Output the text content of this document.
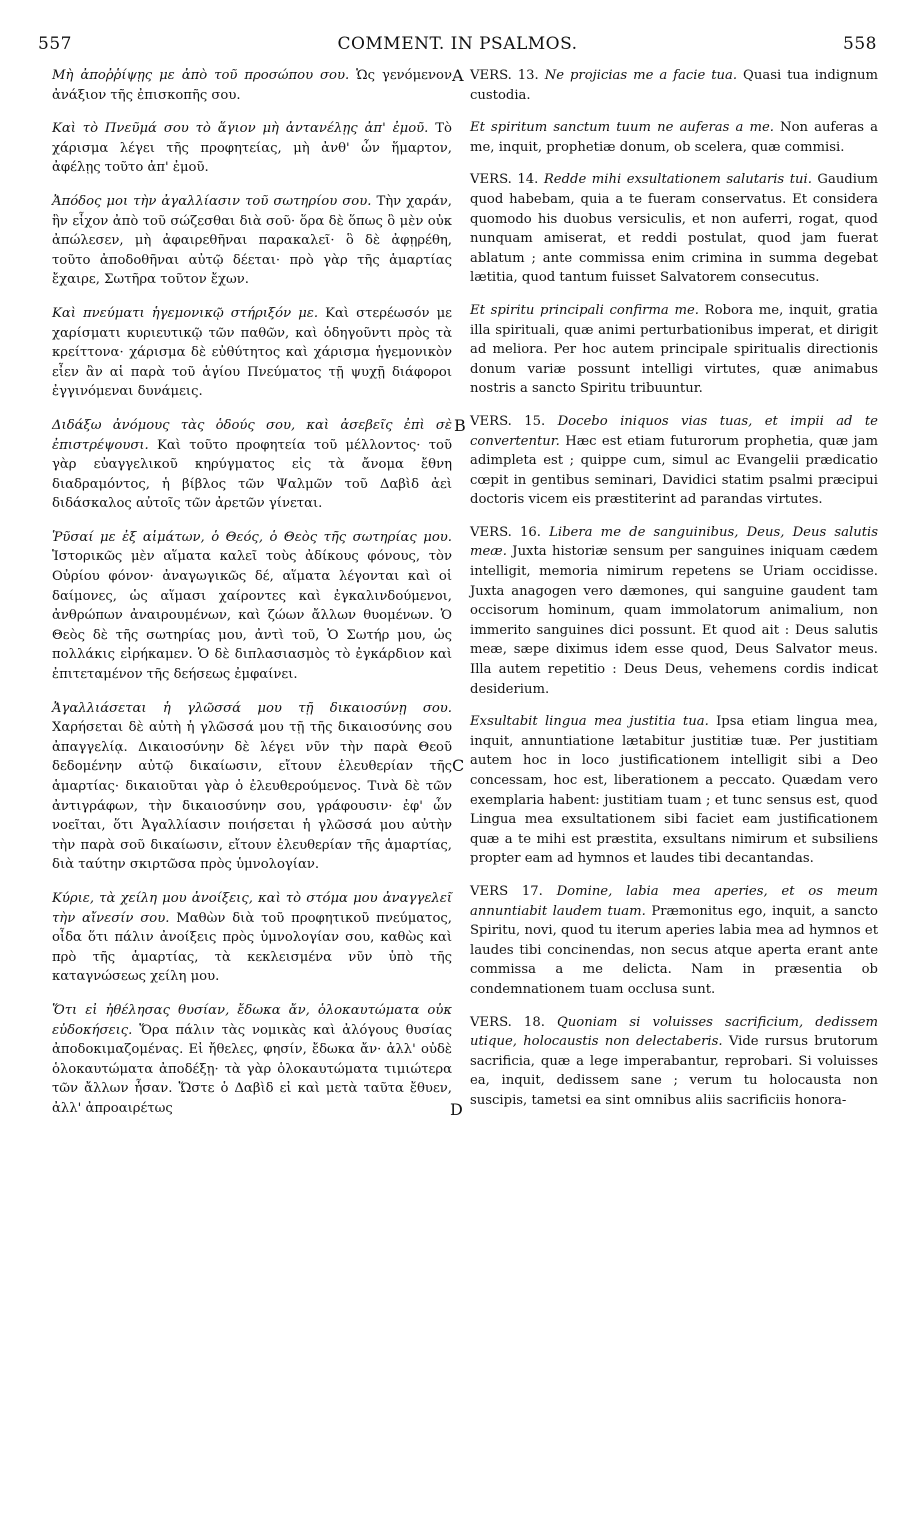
557	COMMENT. IN PSALMOS.	558
A
B
C
D

Μὴ ἀποῤῥίψῃς με ἀπὸ τοῦ προσώπου σου. Ὡς γενόμενον ἀνάξιον τῆς ἐπισκοπῆς σου.

Καὶ τὸ Πνεῦμά σου τὸ ἅγιον μὴ ἀντανέλῃς ἀπ' ἐμοῦ. Τὸ χάρισμα λέγει τῆς προφητείας, μὴ ἀνθ' ὧν ἥμαρτον, ἀφέλῃς τοῦτο ἀπ' ἐμοῦ.

Ἀπόδος μοι τὴν ἀγαλλίασιν τοῦ σωτηρίου σου. Τὴν χαράν, ἣν εἶχον ἀπὸ τοῦ σώζεσθαι διὰ σοῦ· ὅρα δὲ ὅπως ὃ μὲν οὐκ ἀπώλεσεν, μὴ ἀφαιρεθῆναι παρακαλεῖ· ὃ δὲ ἀφῃρέθη, τοῦτο ἀποδοθῆναι αὐτῷ δέεται· πρὸ γὰρ τῆς ἁμαρτίας ἔχαιρε, Σωτῆρα τοῦτον ἔχων.

Καὶ πνεύματι ἡγεμονικῷ στήριξόν με. Καὶ στερέωσόν με χαρίσματι κυριευτικῷ τῶν παθῶν, καὶ ὁδηγοῦντι πρὸς τὰ κρείττονα· χάρισμα δὲ εὐθύτητος καὶ χάρισμα ἡγεμονικὸν εἶεν ἂν αἱ παρὰ τοῦ ἁγίου Πνεύματος τῇ ψυχῇ διάφοροι ἐγγινόμεναι δυνάμεις.

Διδάξω ἀνόμους τὰς ὁδούς σου, καὶ ἀσεβεῖς ἐπὶ σὲ ἐπιστρέψουσι. Καὶ τοῦτο προφητεία τοῦ μέλλοντος· τοῦ γὰρ εὐαγγελικοῦ κηρύγματος εἰς τὰ ἄνομα ἔθνη διαδραμόντος, ἡ βίβλος τῶν Ψαλμῶν τοῦ Δαβὶδ ἀεὶ διδάσκαλος αὐτοῖς τῶν ἀρετῶν γίνεται.

Ῥῦσαί με ἐξ αἱμάτων, ὁ Θεός, ὁ Θεὸς τῆς σωτηρίας μου. Ἱστορικῶς μὲν αἵματα καλεῖ τοὺς ἀδίκους φόνους, τὸν Οὐρίου φόνον· ἀναγωγικῶς δέ, αἵματα λέγονται καὶ οἱ δαίμονες, ὡς αἵμασι χαίροντες καὶ ἐγκαλινδούμενοι, ἀνθρώπων ἀναιρουμένων, καὶ ζώων ἄλλων θυομένων. Ὁ Θεὸς δὲ τῆς σωτηρίας μου, ἀντὶ τοῦ, Ὁ Σωτήρ μου, ὡς πολλάκις εἰρήκαμεν. Ὁ δὲ διπλασιασμὸς τὸ ἐγκάρδιον καὶ ἐπιτεταμένον τῆς δεήσεως ἐμφαίνει.

Ἀγαλλιάσεται ἡ γλῶσσά μου τῇ δικαιοσύνῃ σου. Χαρήσεται δὲ αὐτὴ ἡ γλῶσσά μου τῇ τῆς δικαιοσύνης σου ἀπαγγελίᾳ. Δικαιοσύνην δὲ λέγει νῦν τὴν παρὰ Θεοῦ δεδομένην αὐτῷ δικαίωσιν, εἴτουν ἐλευθερίαν τῆς ἁμαρτίας· δικαιοῦται γὰρ ὁ ἐλευθερούμενος. Τινὰ δὲ τῶν ἀντιγράφων, τὴν δικαιοσύνην σου, γράφουσιν· ἐφ' ὧν νοεῖται, ὅτι Ἀγαλλίασιν ποιήσεται ἡ γλῶσσά μου αὐτὴν τὴν παρὰ σοῦ δικαίωσιν, εἴτουν ἐλευθερίαν τῆς ἁμαρτίας, διὰ ταύτην σκιρτῶσα πρὸς ὑμνολογίαν.

Κύριε, τὰ χείλη μου ἀνοίξεις, καὶ τὸ στόμα μου ἀναγγελεῖ τὴν αἴνεσίν σου. Μαθὼν διὰ τοῦ προφητικοῦ πνεύματος, οἶδα ὅτι πάλιν ἀνοίξεις πρὸς ὑμνολογίαν σου, καθὼς καὶ πρὸ τῆς ἁμαρτίας, τὰ κεκλεισμένα νῦν ὑπὸ τῆς καταγνώσεως χείλη μου.

Ὅτι εἰ ἠθέλησας θυσίαν, ἔδωκα ἄν, ὁλοκαυτώματα οὐκ εὐδοκήσεις. Ὅρα πάλιν τὰς νομικὰς καὶ ἀλόγους θυσίας ἀποδοκιμαζομένας. Εἰ ἤθελες, φησίν, ἔδωκα ἄν· ἀλλ' οὐδὲ ὁλοκαυτώματα ἀποδέξῃ· τὰ γὰρ ὁλοκαυτώματα τιμιώτερα τῶν ἄλλων ἦσαν. Ὥστε ὁ Δαβὶδ εἰ καὶ μετὰ ταῦτα ἔθυεν, ἀλλ' ἀπροαιρέτως

VERS. 13. Ne projicias me a facie tua. Quasi tua indignum custodia.

Et spiritum sanctum tuum ne auferas a me. Non auferas a me, inquit, prophetiæ donum, ob scelera, quæ commisi.

VERS. 14. Redde mihi exsultationem salutaris tui. Gaudium quod habebam, quia a te fueram conservatus. Et considera quomodo his duobus versiculis, et non auferri, rogat, quod nunquam amiserat, et reddi postulat, quod jam fuerat ablatum ; ante commissa enim crimina in summa degebat lætitia, quod tantum fuisset Salvatorem consecutus.

Et spiritu principali confirma me. Robora me, inquit, gratia illa spirituali, quæ animi perturbationibus imperat, et dirigit ad meliora. Per hoc autem principale spiritualis directionis donum variæ possunt intelligi virtutes, quæ animabus nostris a sancto Spiritu tribuuntur.

VERS. 15. Docebo iniquos vias tuas, et impii ad te convertentur. Hæc est etiam futurorum prophetia, quæ jam adimpleta est ; quippe cum, simul ac Evangelii prædicatio cœpit in gentibus seminari, Davidici statim psalmi præcipui doctoris vicem eis præstiterint ad parandas virtutes.

VERS. 16. Libera me de sanguinibus, Deus, Deus salutis meæ. Juxta historiæ sensum per sanguines iniquam cædem intelligit, memoria nimirum repetens se Uriam occidisse. Juxta anagogen vero dæmones, qui sanguine gaudent tam occisorum hominum, quam immolatorum animalium, non immerito sanguines dici possunt. Et quod ait : Deus salutis meæ, sæpe diximus idem esse quod, Deus Salvator meus. Illa autem repetitio : Deus Deus, vehemens cordis indicat desiderium.

Exsultabit lingua mea justitia tua. Ipsa etiam lingua mea, inquit, annuntiatione lætabitur justitiæ tuæ. Per justitiam autem hoc in loco justificationem intelligit sibi a Deo concessam, hoc est, liberationem a peccato. Quædam vero exemplaria habent: justitiam tuam ; et tunc sensus est, quod Lingua mea exsultationem sibi faciet eam justificationem quæ a te mihi est præstita, exsultans nimirum et subsiliens propter eam ad hymnos et laudes tibi decantandas.

VERS 17. Domine, labia mea aperies, et os meum annuntiabit laudem tuam. Præmonitus ego, inquit, a sancto Spiritu, novi, quod tu iterum aperies labia mea ad hymnos et laudes tibi concinendas, non secus atque aperta erant ante commissa a me delicta. Nam in præsentia ob condemnationem tuam occlusa sunt.

VERS. 18. Quoniam si voluisses sacrificium, dedissem utique, holocaustis non delectaberis. Vide rursus brutorum sacrificia, quæ a lege imperabantur, reprobari. Si voluisses ea, inquit, dedissem sane ; verum tu holocausta non suscipis, tametsi ea sint omnibus aliis sacrificiis honora-
